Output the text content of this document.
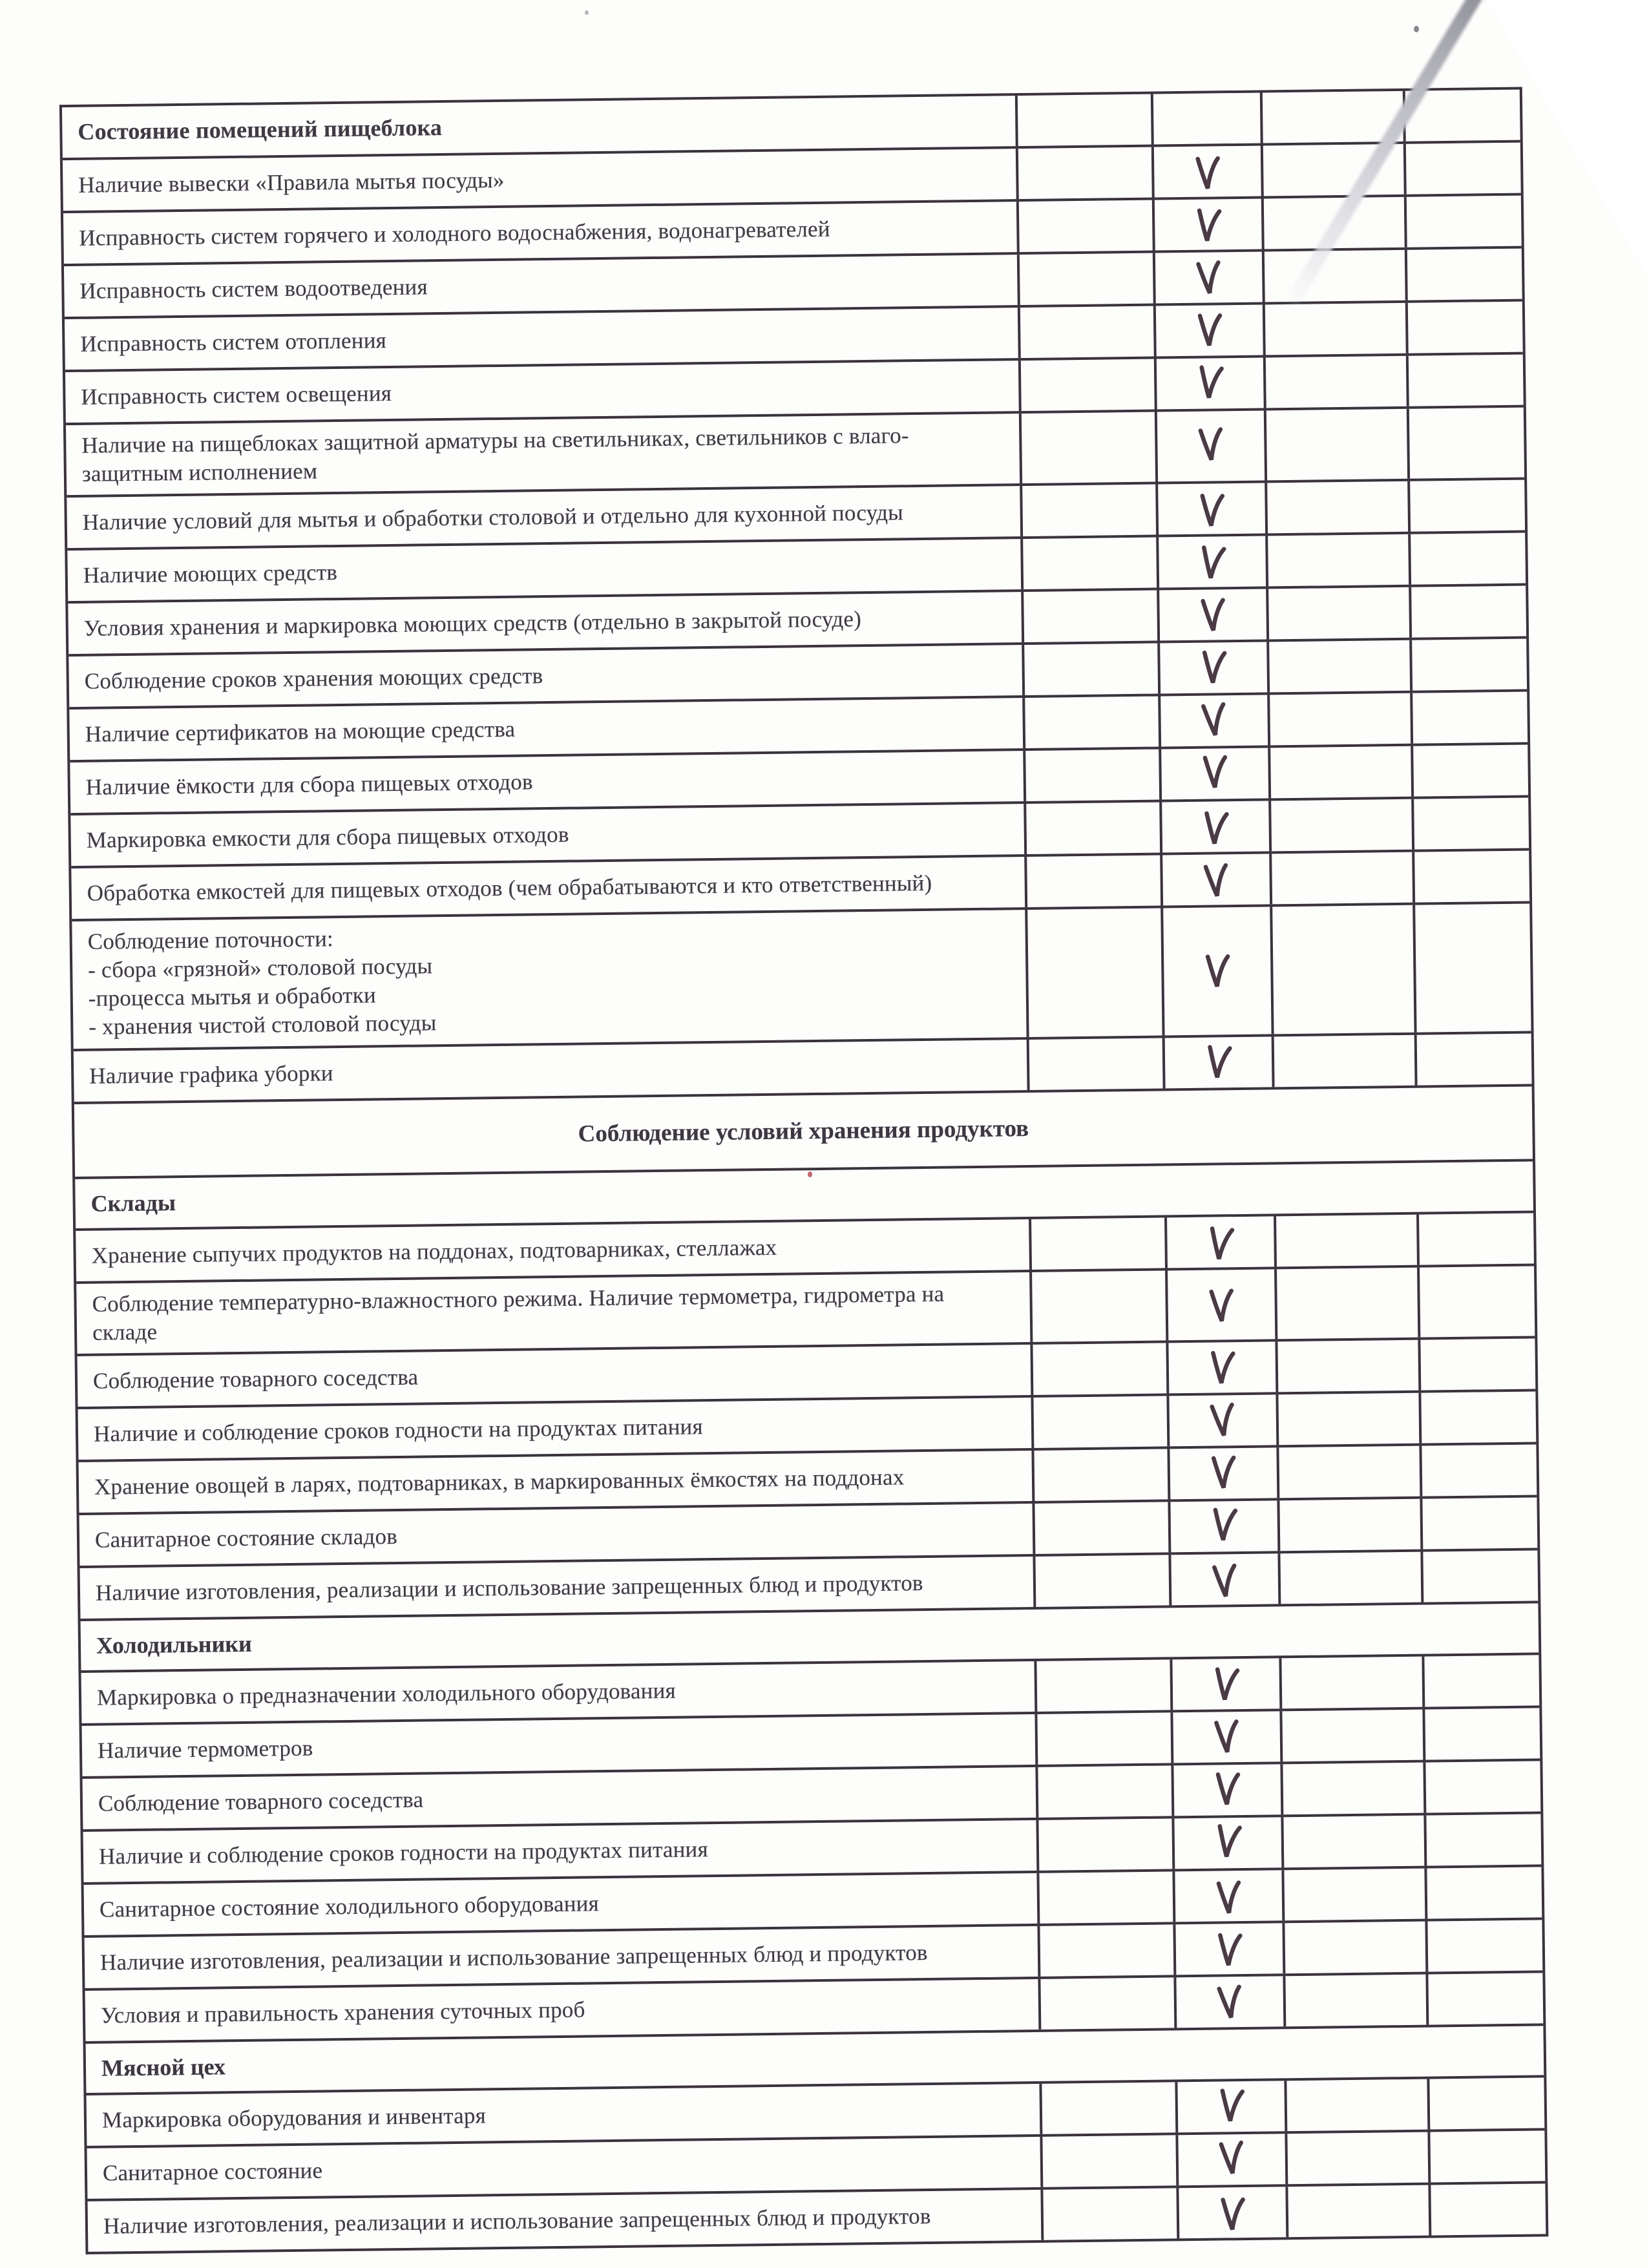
Состояние помещений пищеблока
Наличие вывески «Правила мытья посуды»
Исправность систем горячего и холодного водоснабжения, водонагревателей
Исправность систем водоотведения
Исправность систем отопления
Исправность систем освещения
Наличие на пищеблоках защитной арматуры на светильниках, светильников с влаго-защитным исполнением
Наличие условий для мытья и обработки столовой и отдельно для кухонной посуды
Наличие моющих средств
Условия хранения и маркировка моющих средств (отдельно в закрытой посуде)
Соблюдение сроков хранения моющих средств
Наличие сертификатов на моющие средства
Наличие ёмкости для сбора пищевых отходов
Маркировка емкости для сбора пищевых отходов
Обработка емкостей для пищевых отходов (чем обрабатываются и кто ответственный)
Соблюдение поточности:
- сбора «грязной» столовой посуды
-процесса мытья и обработки
- хранения чистой столовой посуды
Наличие графика уборки
Соблюдение условий хранения продуктов
Склады
Хранение сыпучих продуктов на поддонах, подтоварниках, стеллажах
Соблюдение температурно-влажностного режима. Наличие термометра, гидрометра на складе
Соблюдение товарного соседства
Наличие и соблюдение сроков годности на продуктах питания
Хранение овощей в ларях, подтоварниках, в маркированных ёмкостях на поддонах
Санитарное состояние складов
Наличие изготовления, реализации и использование запрещенных блюд и продуктов
Холодильники
Маркировка о предназначении холодильного оборудования
Наличие термометров
Соблюдение товарного соседства
Наличие и соблюдение сроков годности на продуктах питания
Санитарное состояние холодильного оборудования
Наличие изготовления, реализации и использование запрещенных блюд и продуктов
Условия и правильность хранения суточных проб
Мясной цех
Маркировка оборудования и инвентаря
Санитарное состояние
Наличие изготовления, реализации и использование запрещенных блюд и продуктов
